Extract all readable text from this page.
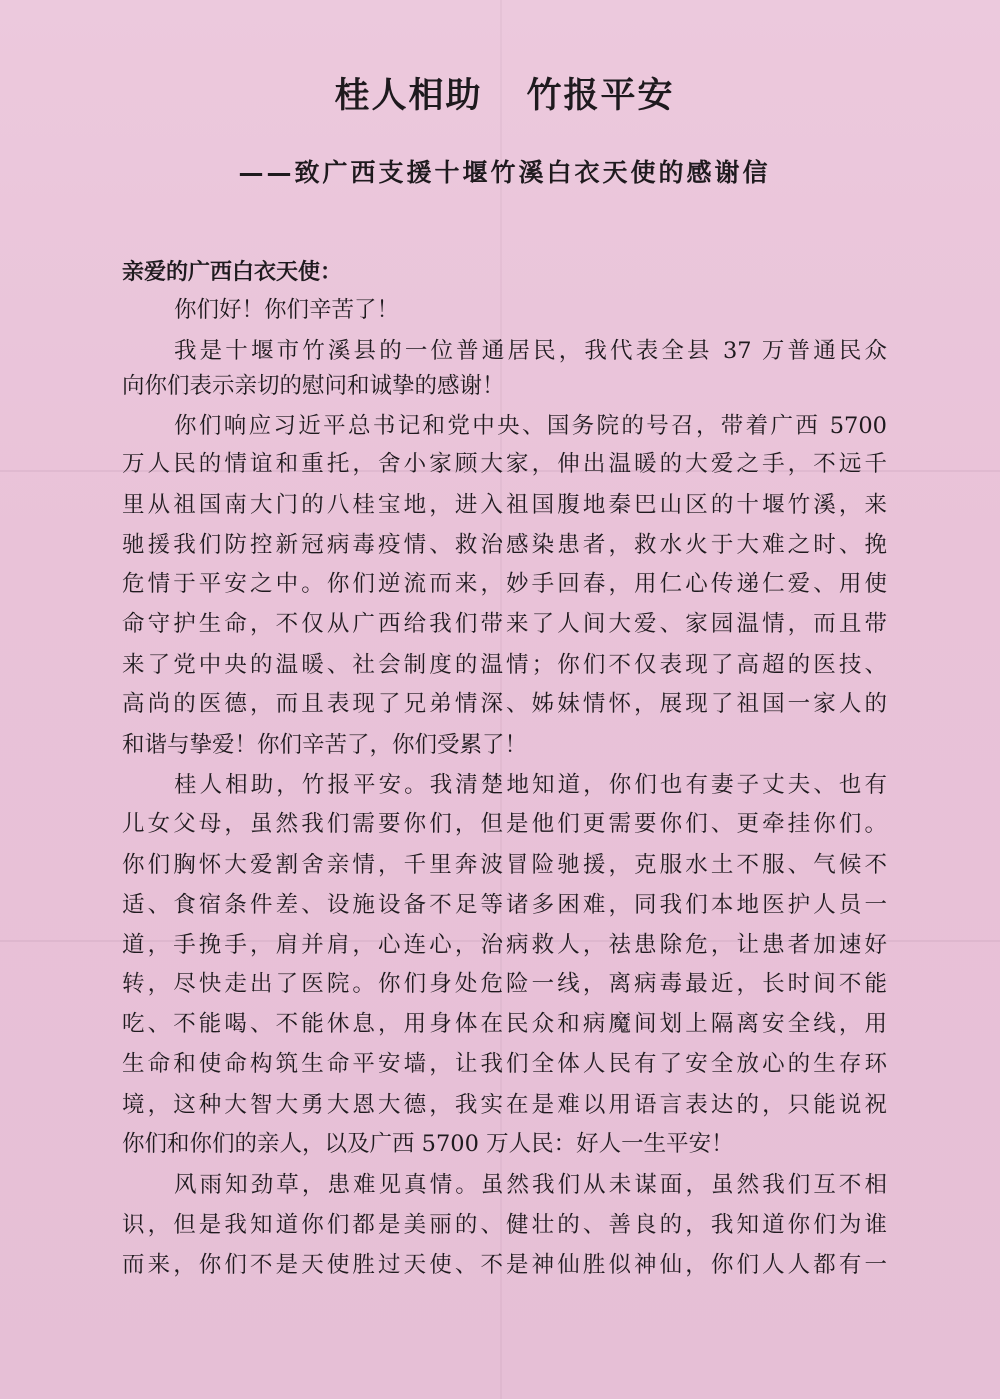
桂人相助 竹报平安
——致广西支援十堰竹溪白衣天使的感谢信
亲爱的广西白衣天使：
你们好！你们辛苦了！
我是十堰市竹溪县的一位普通居民，我代表全县 37 万普通民众
向你们表示亲切的慰问和诚挚的感谢！
你们响应习近平总书记和党中央、国务院的号召，带着广西 5700
万人民的情谊和重托，舍小家顾大家，伸出温暖的大爱之手，不远千
里从祖国南大门的八桂宝地，进入祖国腹地秦巴山区的十堰竹溪，来
驰援我们防控新冠病毒疫情、救治感染患者，救水火于大难之时、挽
危情于平安之中。你们逆流而来，妙手回春，用仁心传递仁爱、用使
命守护生命，不仅从广西给我们带来了人间大爱、家园温情，而且带
来了党中央的温暖、社会制度的温情；你们不仅表现了高超的医技、
高尚的医德，而且表现了兄弟情深、姊妹情怀，展现了祖国一家人的
和谐与挚爱！你们辛苦了，你们受累了！
桂人相助，竹报平安。我清楚地知道，你们也有妻子丈夫、也有
儿女父母，虽然我们需要你们，但是他们更需要你们、更牵挂你们。
你们胸怀大爱割舍亲情，千里奔波冒险驰援，克服水土不服、气候不
适、食宿条件差、设施设备不足等诸多困难，同我们本地医护人员一
道，手挽手，肩并肩，心连心，治病救人，祛患除危，让患者加速好
转，尽快走出了医院。你们身处危险一线，离病毒最近，长时间不能
吃、不能喝、不能休息，用身体在民众和病魔间划上隔离安全线，用
生命和使命构筑生命平安墙，让我们全体人民有了安全放心的生存环
境，这种大智大勇大恩大德，我实在是难以用语言表达的，只能说祝
你们和你们的亲人，以及广西 5700 万人民：好人一生平安！
风雨知劲草，患难见真情。虽然我们从未谋面，虽然我们互不相
识，但是我知道你们都是美丽的、健壮的、善良的，我知道你们为谁
而来，你们不是天使胜过天使、不是神仙胜似神仙，你们人人都有一
